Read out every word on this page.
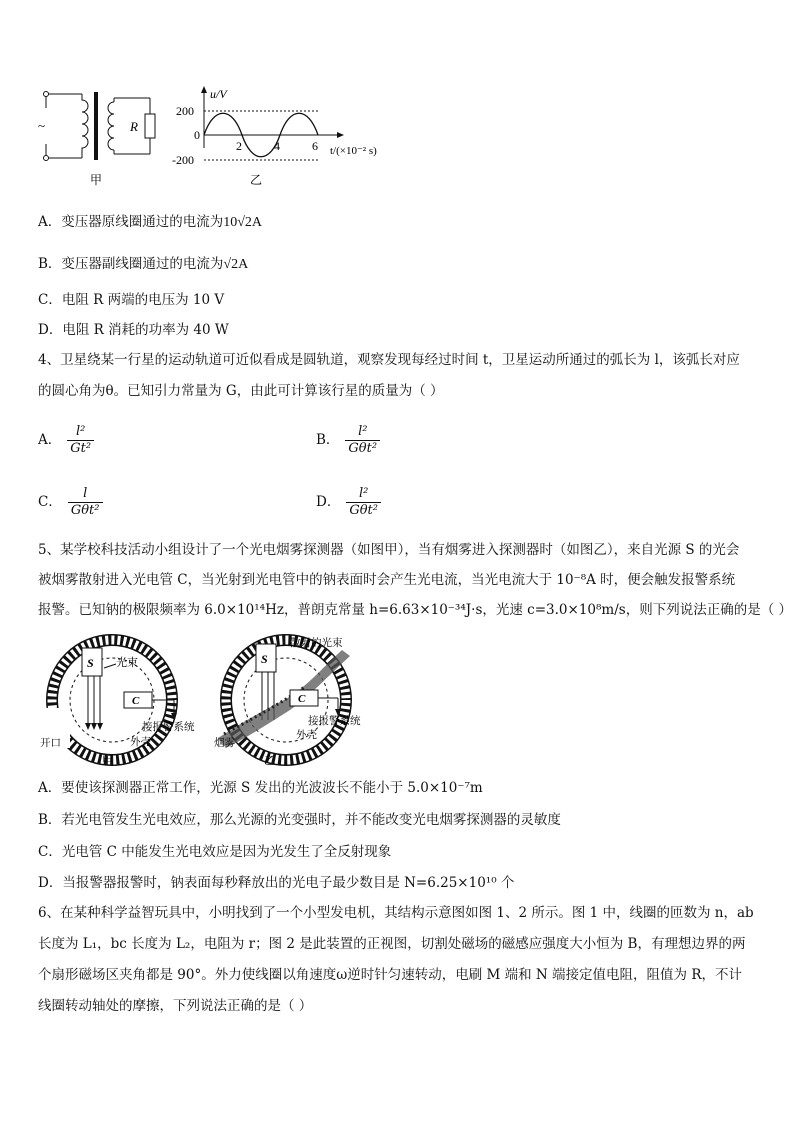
~	R
甲
u/V
200
0
-200
2	4	6 t/(×10⁻² s)
乙
A．变压器原线圈通过的电流为10√2A
B．变压器副线圈通过的电流为√2A
C．电阻 R 两端的电压为 10 V
D．电阻 R 消耗的功率为 40 W
4、卫星绕某一行星的运动轨道可近似看成是圆轨道，观察发现每经过时间 t，卫星运动所通过的弧长为 l，该弧长对应
的圆心角为θ。已知引力常量为 G，由此可计算该行星的质量为（ ）
A． $\frac{\text{l²}}{\text{Gt²}}$	B． $\frac{\text{l²}}{\text{Gθt²}}$
C． $\frac{l}{\text{Gθt²}}$	D． $\frac{\text{l²}}{\text{Gθt²}}$
5、某学校科技活动小组设计了一个光电烟雾探测器（如图甲），当有烟雾进入探测器时（如图乙），来自光源 S 的光会
被烟雾散射进入光电管 C，当光射到光电管中的钠表面时会产生光电流，当光电流大于 10⁻⁸A 时，便会触发报警系统
报警。已知钠的极限频率为 6.0×10¹⁴Hz，普朗克常量 h=6.63×10⁻³⁴J·s，光速 c=3.0×10⁸m/s，则下列说法正确的是（ ）
S
C
光束
接报警系统
外壳
开口
甲
S
C
散射的光束
接报警系统
外壳
烟雾
乙
A．要使该探测器正常工作，光源 S 发出的光波波长不能小于 5.0×10⁻⁷m
B．若光电管发生光电效应，那么光源的光变强时，并不能改变光电烟雾探测器的灵敏度
C．光电管 C 中能发生光电效应是因为光发生了全反射现象
D．当报警器报警时，钠表面每秒释放出的光电子最少数目是 N=6.25×10¹⁰ 个
6、在某种科学益智玩具中，小明找到了一个小型发电机，其结构示意图如图 1、2 所示。图 1 中，线圈的匝数为 n，ab
长度为 L₁，bc 长度为 L₂，电阻为 r；图 2 是此装置的正视图，切割处磁场的磁感应强度大小恒为 B，有理想边界的两
个扇形磁场区夹角都是 90°。外力使线圈以角速度ω逆时针匀速转动，电刷 M 端和 N 端接定值电阻，阻值为 R，不计
线圈转动轴处的摩擦，下列说法正确的是（ ）
